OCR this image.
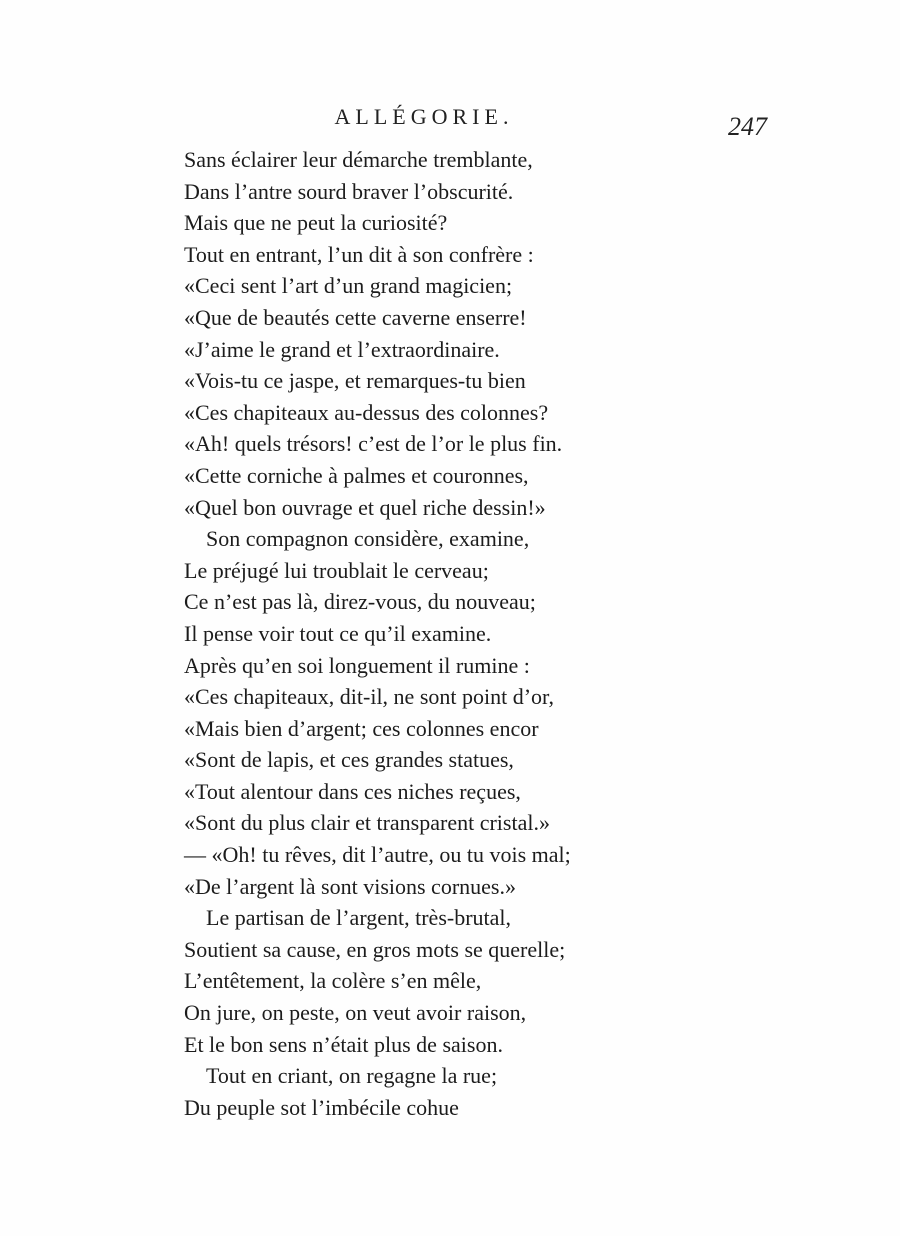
ALLÉGORIE.	247
Sans éclairer leur démarche tremblante,
Dans l’antre sourd braver l’obscurité.
Mais que ne peut la curiosité?
Tout en entrant, l’un dit à son confrère :
«Ceci sent l’art d’un grand magicien;
«Que de beautés cette caverne enserre!
«J’aime le grand et l’extraordinaire.
«Vois-tu ce jaspe, et remarques-tu bien
«Ces chapiteaux au-dessus des colonnes?
«Ah! quels trésors! c’est de l’or le plus fin.
«Cette corniche à palmes et couronnes,
«Quel bon ouvrage et quel riche dessin!»
Son compagnon considère, examine,
Le préjugé lui troublait le cerveau;
Ce n’est pas là, direz-vous, du nouveau;
Il pense voir tout ce qu’il examine.
Après qu’en soi longuement il rumine :
«Ces chapiteaux, dit-il, ne sont point d’or,
«Mais bien d’argent; ces colonnes encor
«Sont de lapis, et ces grandes statues,
«Tout alentour dans ces niches reçues,
«Sont du plus clair et transparent cristal.»
— «Oh! tu rêves, dit l’autre, ou tu vois mal;
«De l’argent là sont visions cornues.»
Le partisan de l’argent, très-brutal,
Soutient sa cause, en gros mots se querelle;
L’entêtement, la colère s’en mêle,
On jure, on peste, on veut avoir raison,
Et le bon sens n’était plus de saison.
Tout en criant, on regagne la rue;
Du peuple sot l’imbécile cohue
